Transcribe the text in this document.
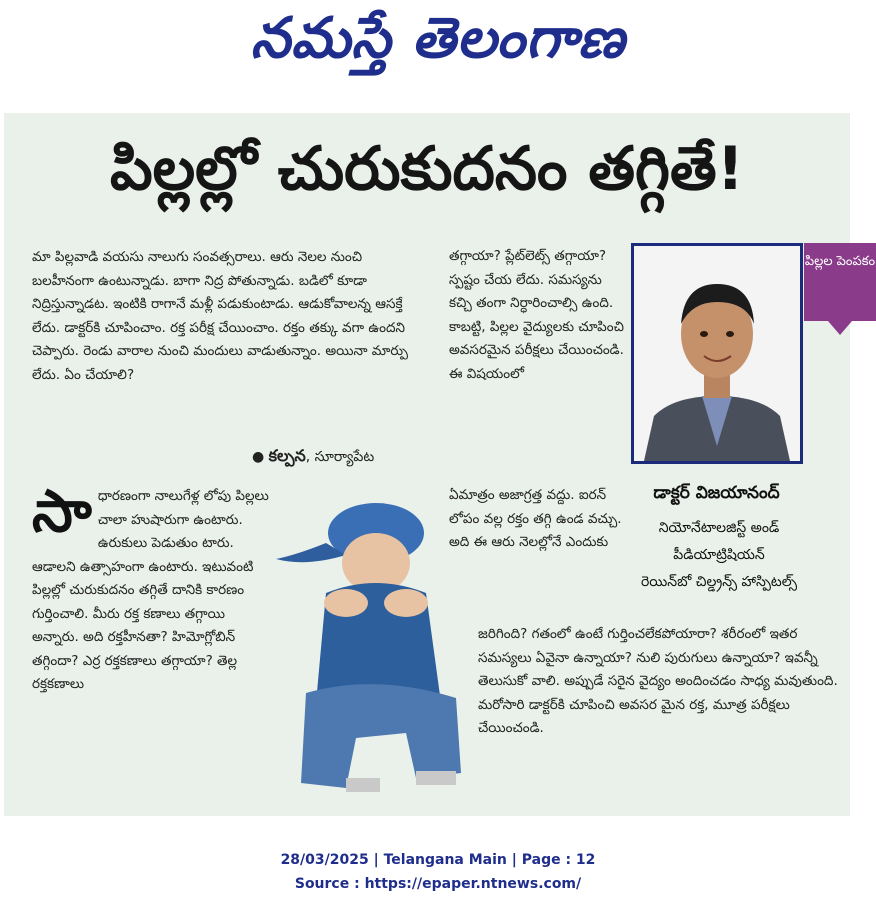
నమస్తే తెలంగాణ
పిల్లల్లో చురుకుదనం తగ్గితే!
మా పిల్లవాడి వయసు నాలుగు సంవత్సరాలు. ఆరు నెలల నుంచి బలహీనంగా ఉంటున్నాడు. బాగా నిద్ర పోతున్నాడు. బడిలో కూడా నిద్రిస్తున్నాడట. ఇంటికి రాగానే మళ్లీ పడుకుంటాడు. ఆడుకోవాలన్న ఆసక్తే లేదు. డాక్టర్‌కి చూపించాం. రక్త పరీక్ష చేయించాం. రక్తం తక్కు వగా ఉందని చెప్పారు. రెండు వారాల నుంచి మందులు వాడుతున్నాం. అయినా మార్పు లేదు. ఏం చేయాలి?
● కల్పన, సూర్యాపేట
తగ్గాయా? ప్లేట్‌లెట్స్ తగ్గాయా? స్పష్టం చేయ లేదు. సమస్యను కచ్చి తంగా నిర్ధారించాల్సి ఉంది. కాబట్టి, పిల్లల వైద్యులకు చూపించి అవసరమైన పరీక్షలు చేయించండి. ఈ విషయంలో
పిల్లల పెంపకం
డాక్టర్ విజయానంద్
నియోనేటాలజిస్ట్ అండ్
పీడియాట్రిషియన్
రెయిన్‌బో చిల్డ్రన్స్ హాస్పిటల్స్
సా ధారణంగా నాలుగేళ్ల లోపు పిల్లలు చాలా హుషారుగా ఉంటారు. ఉరుకులు పెడుతుం టారు. ఆడాలని ఉత్సాహంగా ఉంటారు. ఇటువంటి పిల్లల్లో చురుకుదనం తగ్గితే దానికి కారణం గుర్తించాలి. మీరు రక్త కణాలు తగ్గాయి అన్నారు. అది రక్తహీనతా? హిమోగ్లోబిన్ తగ్గిందా? ఎర్ర రక్తకణాలు తగ్గాయా? తెల్ల రక్తకణాలు
ఏమాత్రం అజాగ్రత్త వద్దు. ఐరన్ లోపం వల్ల రక్తం తగ్గి ఉండ వచ్చు. అది ఈ ఆరు నెలల్లోనే ఎందుకు
జరిగింది? గతంలో ఉంటే గుర్తించలేకపోయారా? శరీరంలో ఇతర సమస్యలు ఏవైనా ఉన్నాయా? నులి పురుగులు ఉన్నాయా? ఇవన్నీ తెలుసుకో వాలి. అప్పుడే సరైన వైద్యం అందించడం సాధ్య మవుతుంది. మరోసారి డాక్టర్‌కి చూపించి అవసర మైన రక్త, మూత్ర పరీక్షలు చేయించండి.
28/03/2025 | Telangana Main | Page : 12
Source : https://epaper.ntnews.com/
